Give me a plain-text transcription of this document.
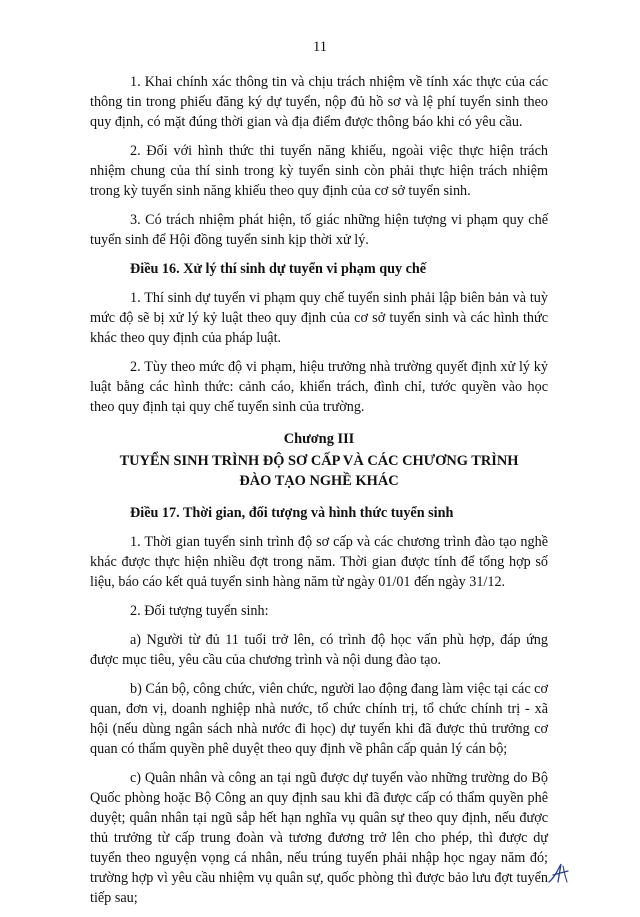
11

1. Khai chính xác thông tin và chịu trách nhiệm về tính xác thực của các thông tin trong phiếu đăng ký dự tuyển, nộp đủ hồ sơ và lệ phí tuyển sinh theo quy định, có mặt đúng thời gian và địa điểm được thông báo khi có yêu cầu.

2. Đối với hình thức thi tuyển năng khiếu, ngoài việc thực hiện trách nhiệm chung của thí sinh trong kỳ tuyển sinh còn phải thực hiện trách nhiệm trong kỳ tuyển sinh năng khiếu theo quy định của cơ sở tuyển sinh.

3. Có trách nhiệm phát hiện, tố giác những hiện tượng vi phạm quy chế tuyển sinh để Hội đồng tuyển sinh kịp thời xử lý.

Điều 16. Xử lý thí sinh dự tuyển vi phạm quy chế

1. Thí sinh dự tuyển vi phạm quy chế tuyển sinh phải lập biên bản và tuỳ mức độ sẽ bị xử lý kỷ luật theo quy định của cơ sở tuyển sinh và các hình thức khác theo quy định của pháp luật.

2. Tùy theo mức độ vi phạm, hiệu trưởng nhà trường quyết định xử lý kỷ luật bằng các hình thức: cảnh cáo, khiển trách, đình chỉ, tước quyền vào học theo quy định tại quy chế tuyển sinh của trường.

Chương III
TUYỂN SINH TRÌNH ĐỘ SƠ CẤP VÀ CÁC CHƯƠNG TRÌNH
ĐÀO TẠO NGHỀ KHÁC
Điều 17. Thời gian, đối tượng và hình thức tuyển sinh

1. Thời gian tuyển sinh trình độ sơ cấp và các chương trình đào tạo nghề khác được thực hiện nhiều đợt trong năm. Thời gian được tính để tổng hợp số liệu, báo cáo kết quả tuyển sinh hàng năm từ ngày 01/01 đến ngày 31/12.

2. Đối tượng tuyển sinh:

a) Người từ đủ 11 tuổi trở lên, có trình độ học vấn phù hợp, đáp ứng được mục tiêu, yêu cầu của chương trình và nội dung đào tạo.

b) Cán bộ, công chức, viên chức, người lao động đang làm việc tại các cơ quan, đơn vị, doanh nghiệp nhà nước, tổ chức chính trị, tổ chức chính trị - xã hội (nếu dùng ngân sách nhà nước đi học) dự tuyển khi đã được thủ trưởng cơ quan có thẩm quyền phê duyệt theo quy định về phân cấp quản lý cán bộ;

c) Quân nhân và công an tại ngũ được dự tuyển vào những trường do Bộ Quốc phòng hoặc Bộ Công an quy định sau khi đã được cấp có thẩm quyền phê duyệt; quân nhân tại ngũ sắp hết hạn nghĩa vụ quân sự theo quy định, nếu được thủ trưởng từ cấp trung đoàn và tương đương trở lên cho phép, thì được dự tuyển theo nguyện vọng cá nhân, nếu trúng tuyển phải nhập học ngay năm đó; trường hợp vì yêu cầu nhiệm vụ quân sự, quốc phòng thì được bảo lưu đợt tuyển tiếp sau;
